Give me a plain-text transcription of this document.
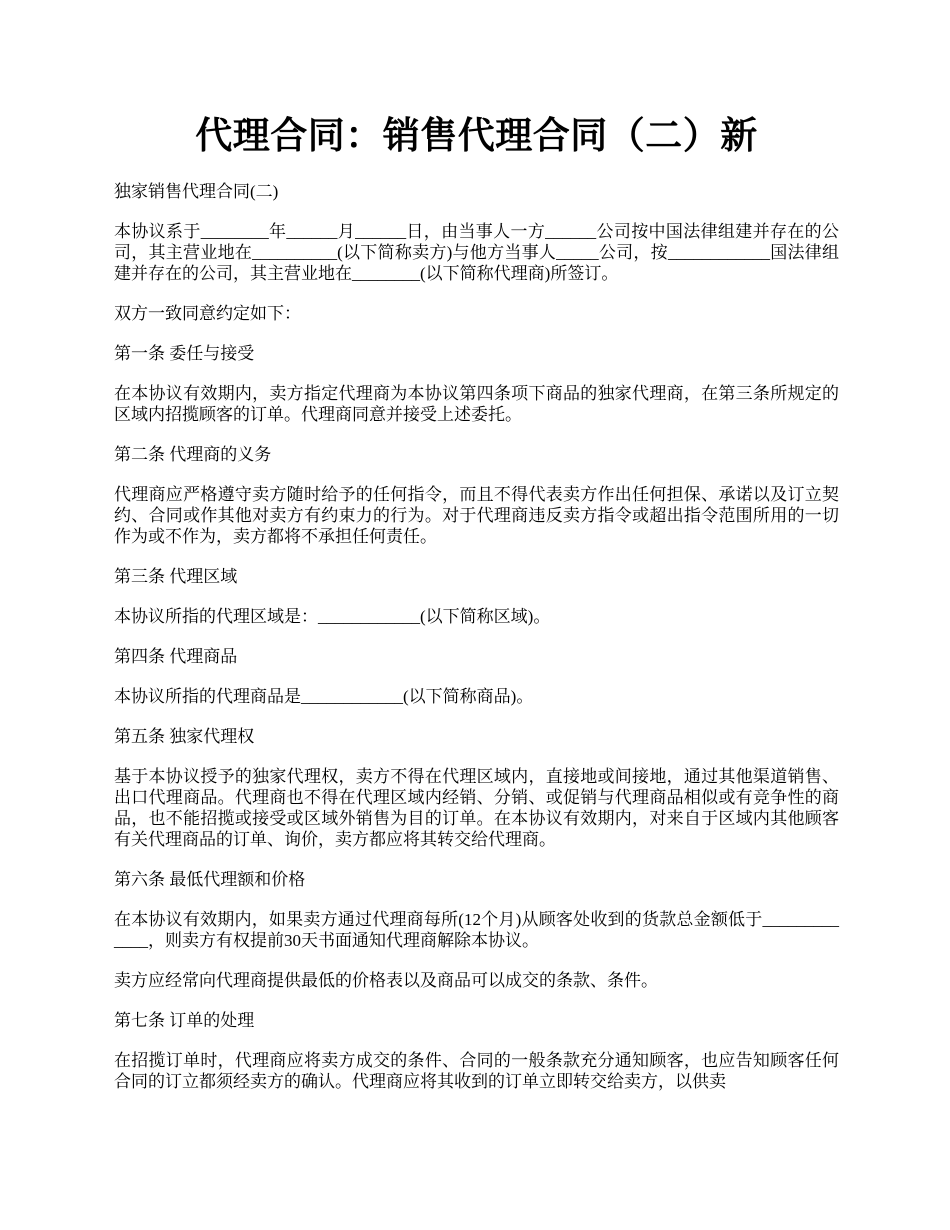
代理合同：销售代理合同（二）新

独家销售代理合同(二)

本协议系于________年______月______日，由当事人一方______公司按中国法律组建并存在的公司，其主营业地在__________(以下简称卖方)与他方当事人_____公司，按____________国法律组建并存在的公司，其主营业地在________(以下简称代理商)所签订。

双方一致同意约定如下：

第一条 委任与接受

在本协议有效期内，卖方指定代理商为本协议第四条项下商品的独家代理商，在第三条所规定的区域内招揽顾客的订单。代理商同意并接受上述委托。

第二条 代理商的义务

代理商应严格遵守卖方随时给予的任何指令，而且不得代表卖方作出任何担保、承诺以及订立契约、合同或作其他对卖方有约束力的行为。对于代理商违反卖方指令或超出指令范围所用的一切作为或不作为，卖方都将不承担任何责任。

第三条 代理区域

本协议所指的代理区域是：____________(以下简称区域)。

第四条 代理商品

本协议所指的代理商品是____________(以下简称商品)。

第五条 独家代理权

基于本协议授予的独家代理权，卖方不得在代理区域内，直接地或间接地，通过其他渠道销售、出口代理商品。代理商也不得在代理区域内经销、分销、或促销与代理商品相似或有竞争性的商品，也不能招揽或接受或区域外销售为目的订单。在本协议有效期内，对来自于区域内其他顾客有关代理商品的订单、询价，卖方都应将其转交给代理商。

第六条 最低代理额和价格

在本协议有效期内，如果卖方通过代理商每所(12个月)从顾客处收到的货款总金额低于_____________，则卖方有权提前30天书面通知代理商解除本协议。

卖方应经常向代理商提供最低的价格表以及商品可以成交的条款、条件。

第七条 订单的处理

在招揽订单时，代理商应将卖方成交的条件、合同的一般条款充分通知顾客，也应告知顾客任何合同的订立都须经卖方的确认。代理商应将其收到的订单立即转交给卖方，以供卖
